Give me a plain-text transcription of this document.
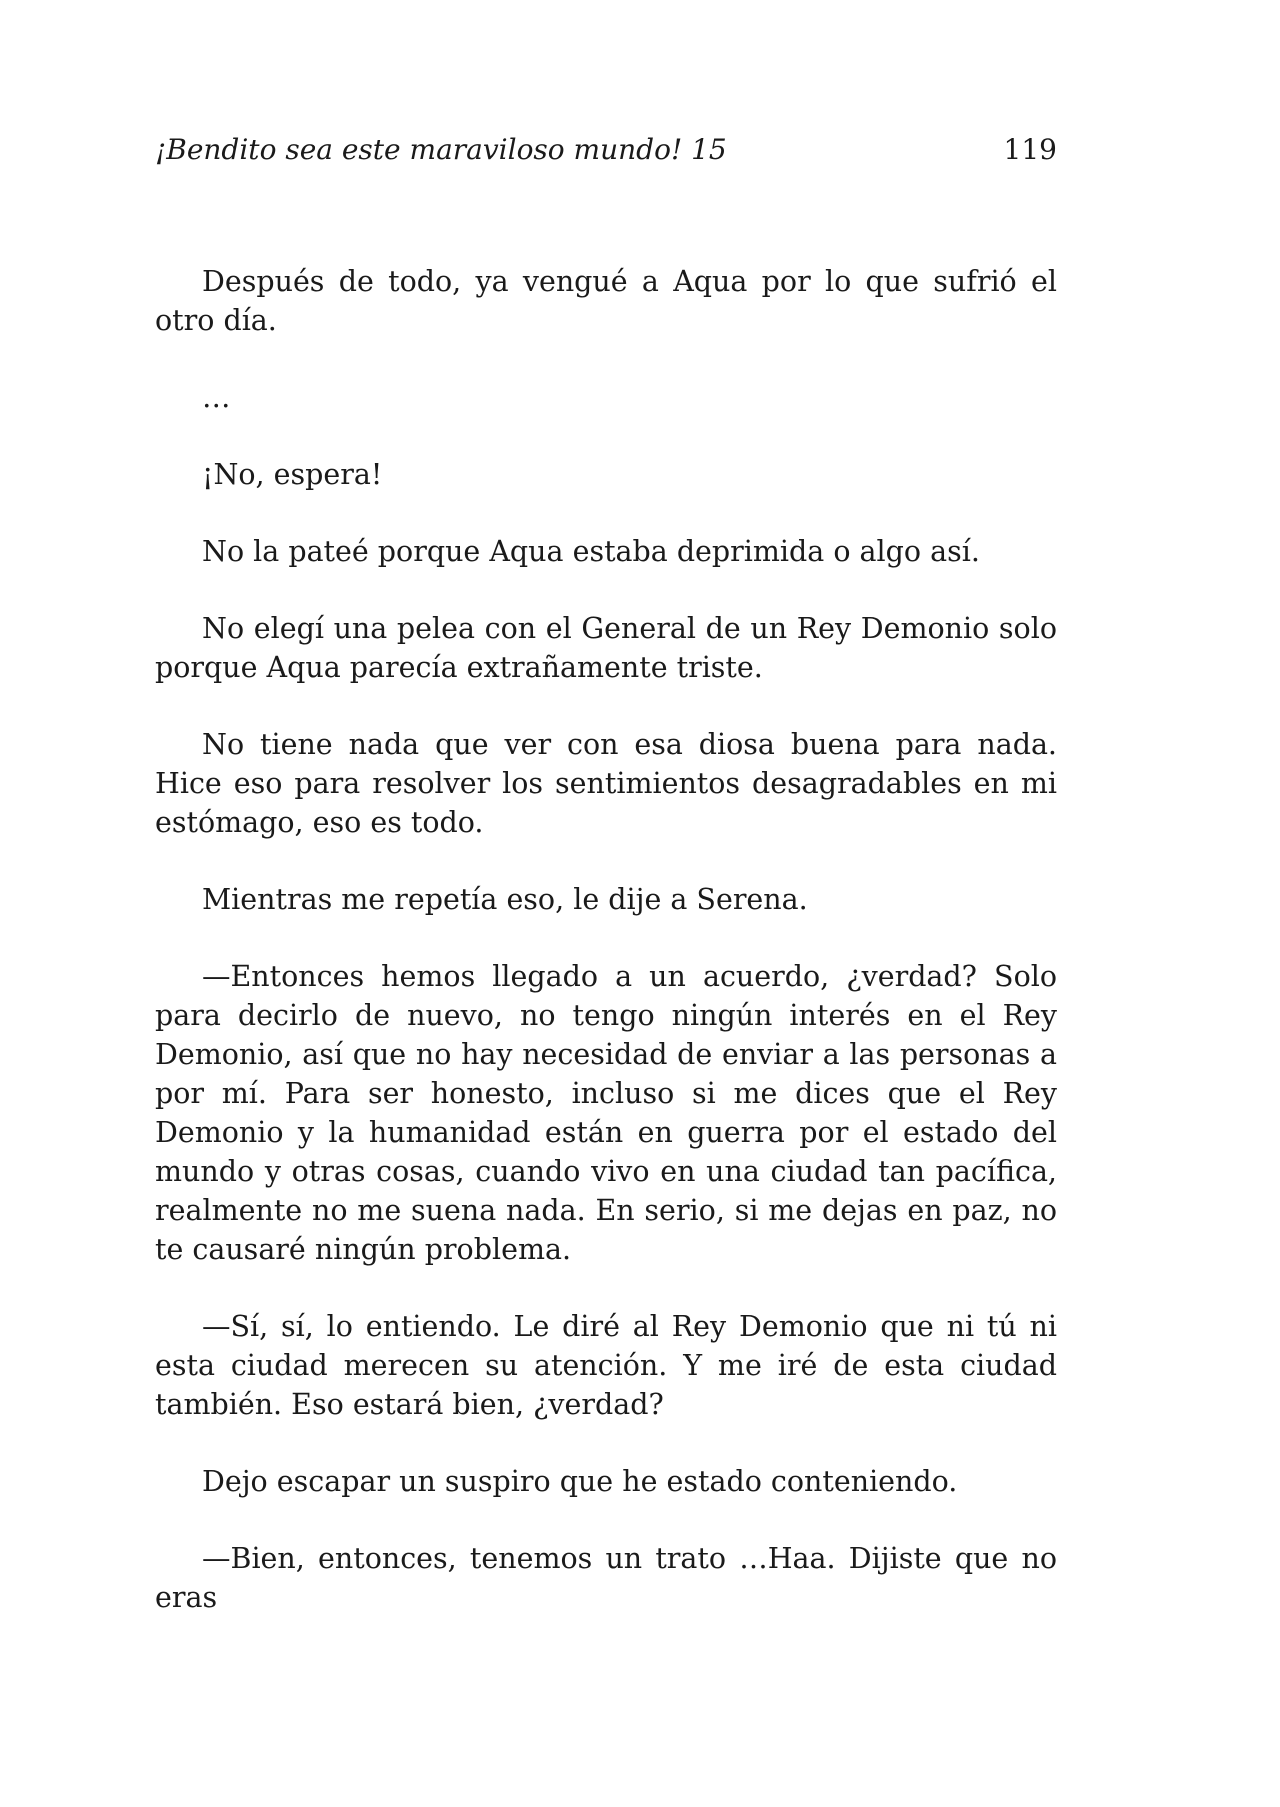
¡Bendito sea este maraviloso mundo! 15	119

Después de todo, ya vengué a Aqua por lo que sufrió el otro día.

…

¡No, espera!

No la pateé porque Aqua estaba deprimida o algo así.

No elegí una pelea con el General de un Rey Demonio solo porque Aqua parecía extrañamente triste.

No tiene nada que ver con esa diosa buena para nada. Hice eso para resolver los sentimientos desagradables en mi estómago, eso es todo.

Mientras me repetía eso, le dije a Serena.

—Entonces hemos llegado a un acuerdo, ¿verdad? Solo para decirlo de nuevo, no tengo ningún interés en el Rey Demonio, así que no hay necesidad de enviar a las personas a por mí. Para ser honesto, incluso si me dices que el Rey Demonio y la humanidad están en guerra por el estado del mundo y otras cosas, cuando vivo en una ciudad tan pacífica, realmente no me suena nada. En serio, si me dejas en paz, no te causaré ningún problema.

—Sí, sí, lo entiendo. Le diré al Rey Demonio que ni tú ni esta ciudad merecen su atención. Y me iré de esta ciudad también. Eso estará bien, ¿verdad?

Dejo escapar un suspiro que he estado conteniendo.

—Bien, entonces, tenemos un trato …Haa. Dijiste que no eras
